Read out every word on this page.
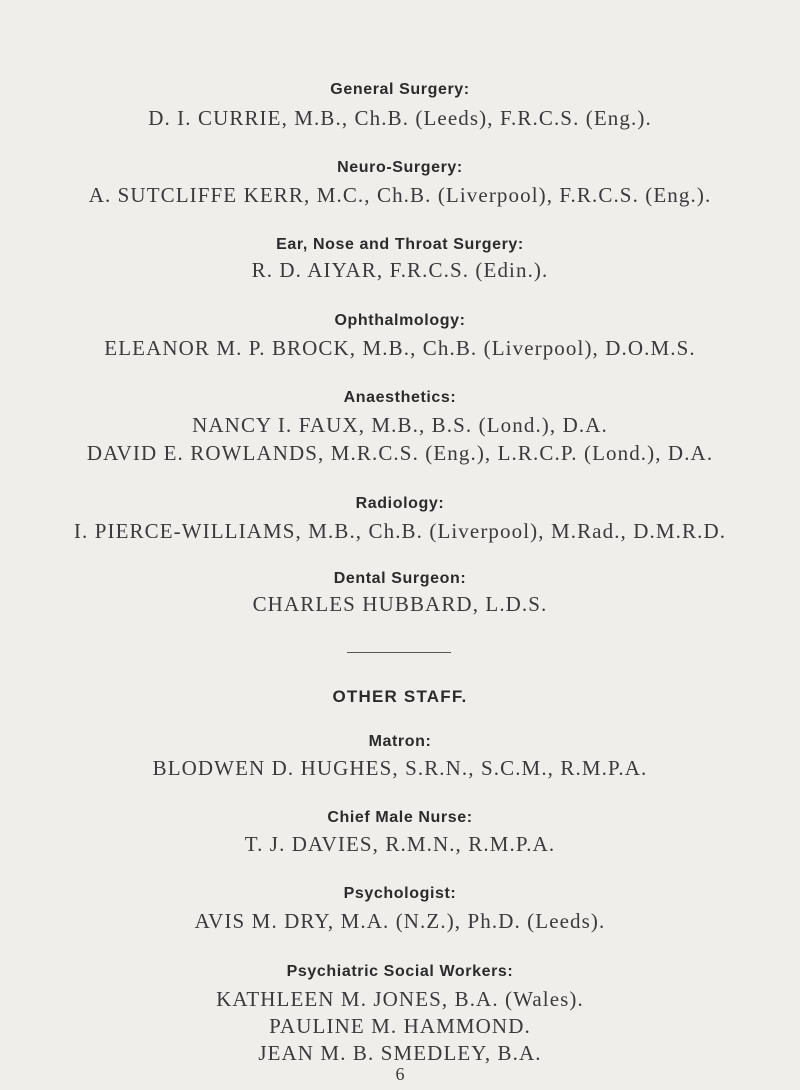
General Surgery:
D. I. CURRIE, M.B., Ch.B. (Leeds), F.R.C.S. (Eng.).
Neuro-Surgery:
A. SUTCLIFFE KERR, M.C., Ch.B. (Liverpool), F.R.C.S. (Eng.).
Ear, Nose and Throat Surgery:
R. D. AIYAR, F.R.C.S. (Edin.).
Ophthalmology:
ELEANOR M. P. BROCK, M.B., Ch.B. (Liverpool), D.O.M.S.
Anaesthetics:
NANCY I. FAUX, M.B., B.S. (Lond.), D.A.
DAVID E. ROWLANDS, M.R.C.S. (Eng.), L.R.C.P. (Lond.), D.A.
Radiology:
I. PIERCE-WILLIAMS, M.B., Ch.B. (Liverpool), M.Rad., D.M.R.D.
Dental Surgeon:
CHARLES HUBBARD, L.D.S.
OTHER STAFF.
Matron:
BLODWEN D. HUGHES, S.R.N., S.C.M., R.M.P.A.
Chief Male Nurse:
T. J. DAVIES, R.M.N., R.M.P.A.
Psychologist:
AVIS M. DRY, M.A. (N.Z.), Ph.D. (Leeds).
Psychiatric Social Workers:
KATHLEEN M. JONES, B.A. (Wales).
PAULINE M. HAMMOND.
JEAN M. B. SMEDLEY, B.A.
6
